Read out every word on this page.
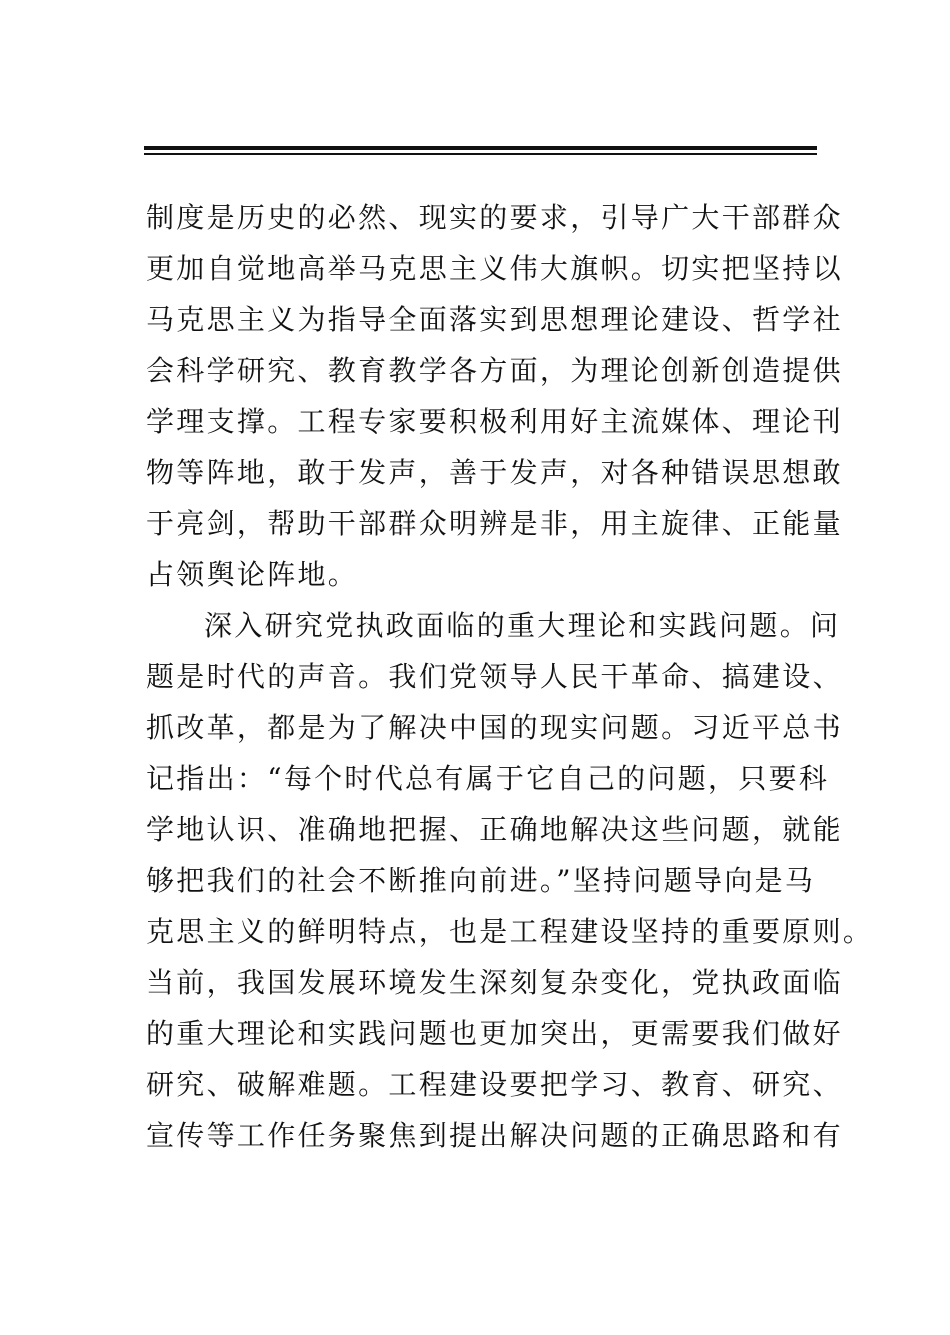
制度是历史的必然、现实的要求，引导广大干部群众
更加自觉地高举马克思主义伟大旗帜。切实把坚持以
马克思主义为指导全面落实到思想理论建设、哲学社
会科学研究、教育教学各方面，为理论创新创造提供
学理支撑。工程专家要积极利用好主流媒体、理论刊
物等阵地，敢于发声，善于发声，对各种错误思想敢
于亮剑，帮助干部群众明辨是非，用主旋律、正能量
占领舆论阵地。
深入研究党执政面临的重大理论和实践问题。问
题是时代的声音。我们党领导人民干革命、搞建设、
抓改革，都是为了解决中国的现实问题。习近平总书
记指出：“每个时代总有属于它自己的问题，只要科
学地认识、准确地把握、正确地解决这些问题，就能
够把我们的社会不断推向前进。”坚持问题导向是马
克思主义的鲜明特点，也是工程建设坚持的重要原则。
当前，我国发展环境发生深刻复杂变化，党执政面临
的重大理论和实践问题也更加突出，更需要我们做好
研究、破解难题。工程建设要把学习、教育、研究、
宣传等工作任务聚焦到提出解决问题的正确思路和有
